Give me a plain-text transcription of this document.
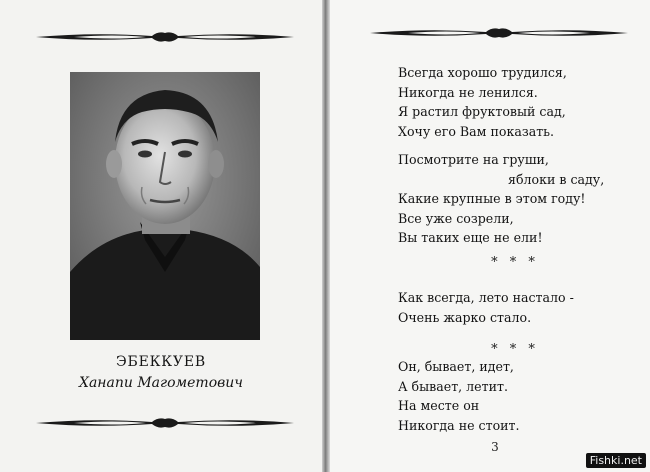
ЭБЕККУЕВ
Ханапи Магометович
Всегда хорошо трудился,
Никогда не ленился.
Я растил фруктовый сад,
Хочу его Вам показать.
Посмотрите на груши,
яблоки в саду,
Какие крупные в этом году!
Все уже созрели,
Вы таких еще не ели!
* * *
Как всегда, лето настало -
Очень жарко стало.
* * *
Он, бывает, идет,
А бывает, летит.
На месте он
Никогда не стоит.
3
Fishki.net
